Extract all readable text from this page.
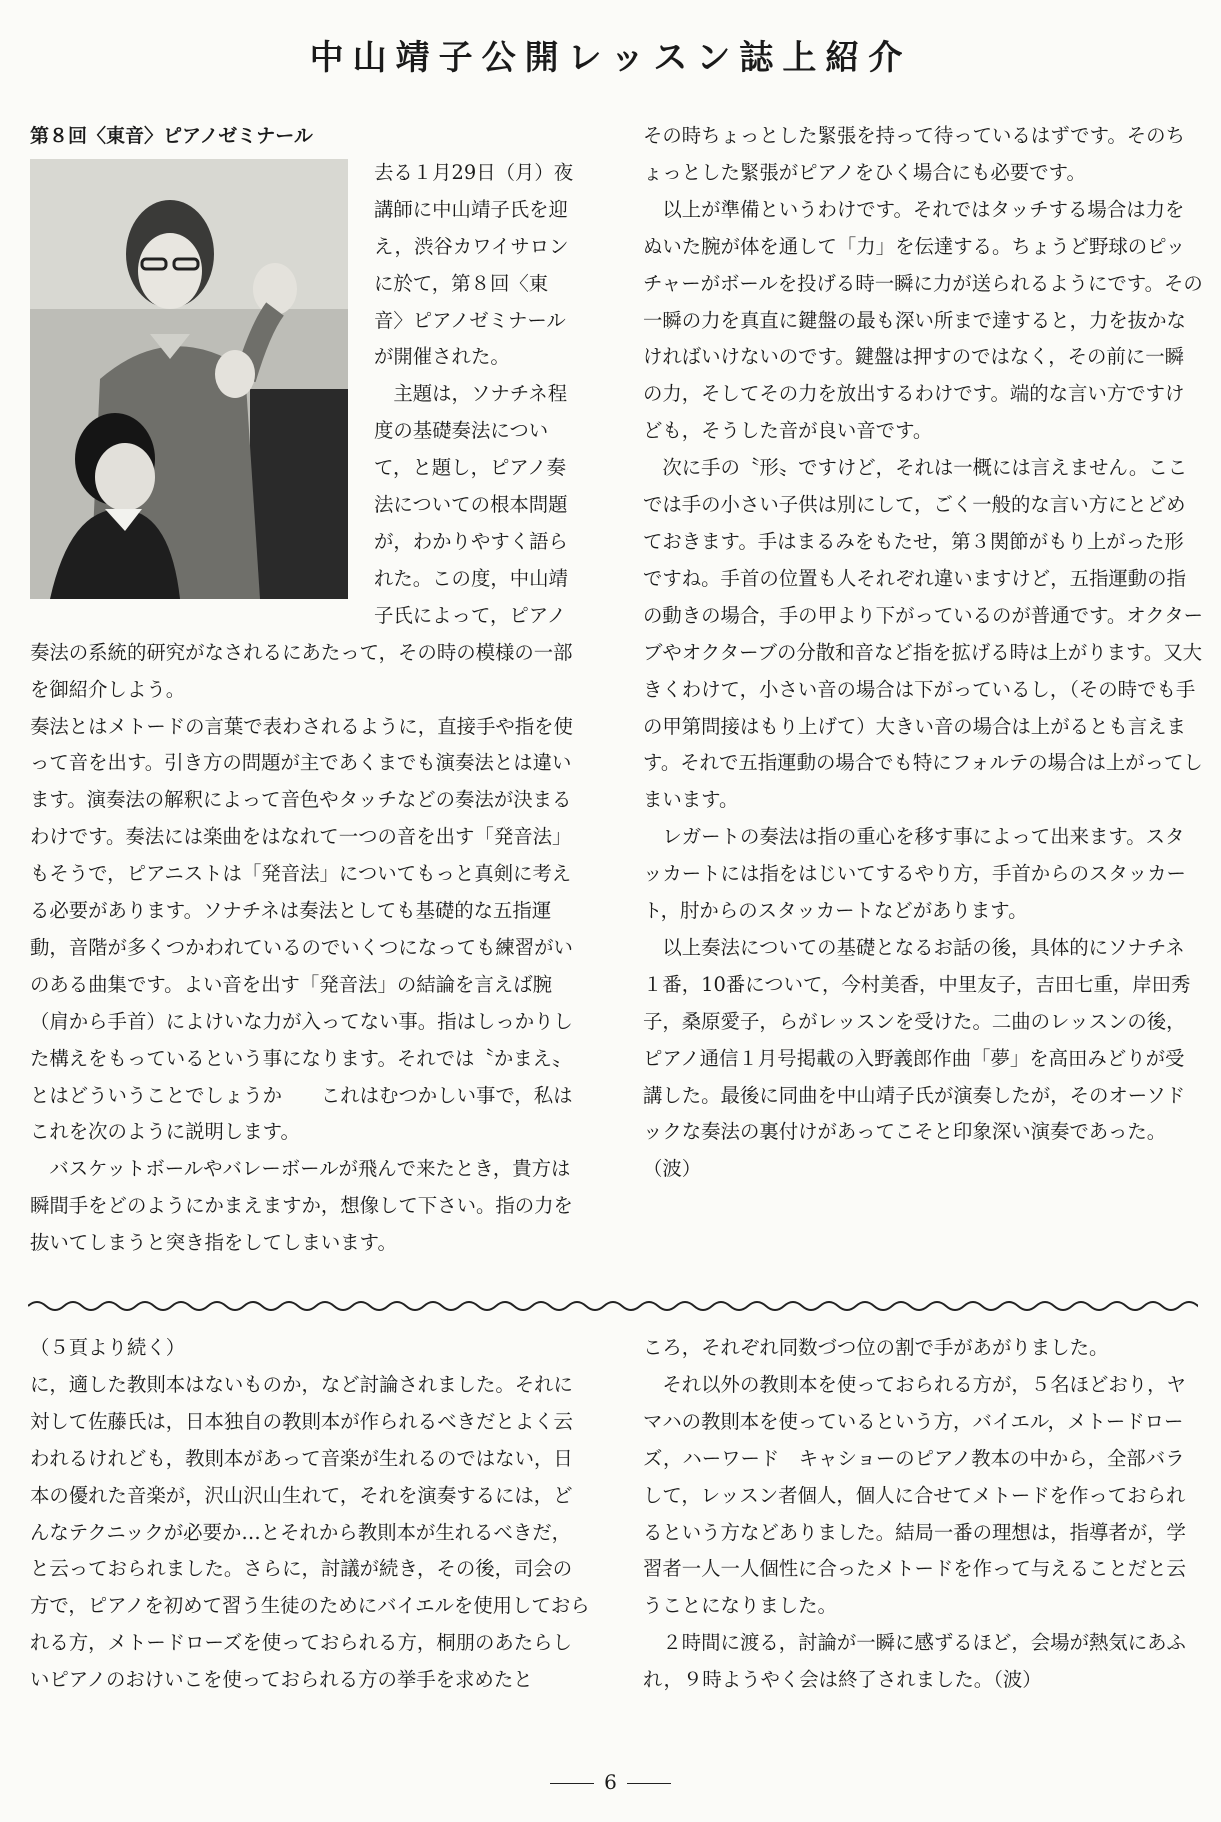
中山靖子公開レッスン誌上紹介
第８回〈東音〉ピアノゼミナール

去る１月29日（月）夜　講師に中山靖子氏を迎え，渋谷カワイサロンに於て，第８回〈東音〉ピアノゼミナールが開催された。

主題は，ソナチネ程度の基礎奏法について，と題し，ピアノ奏法についての根本問題が，わかりやすく語られた。この度，中山靖子氏によって，ピアノ奏法の系統的研究がなされるにあたって，その時の模様の一部を御紹介しよう。

奏法とはメトードの言葉で表わされるように，直接手や指を使って音を出す。引き方の問題が主であくまでも演奏法とは違います。演奏法の解釈によって音色やタッチなどの奏法が決まるわけです。奏法には楽曲をはなれて一つの音を出す「発音法」もそうで，ピアニストは「発音法」についてもっと真剣に考える必要があります。ソナチネは奏法としても基礎的な五指運動，音階が多くつかわれているのでいくつになっても練習がいのある曲集です。よい音を出す「発音法」の結論を言えば腕（肩から手首）によけいな力が入ってない事。指はしっかりした構えをもっているという事になります。それでは〝かまえ〟とはどういうことでしょうか　　これはむつかしい事で，私はこれを次のように説明します。

バスケットボールやバレーボールが飛んで来たとき，貴方は瞬間手をどのようにかまえますか，想像して下さい。指の力を抜いてしまうと突き指をしてしまいます。

その時ちょっとした緊張を持って待っているはずです。そのちょっとした緊張がピアノをひく場合にも必要です。

以上が準備というわけです。それではタッチする場合は力をぬいた腕が体を通して「力」を伝達する。ちょうど野球のピッチャーがボールを投げる時一瞬に力が送られるようにです。その一瞬の力を真直に鍵盤の最も深い所まで達すると，力を抜かなければいけないのです。鍵盤は押すのではなく，その前に一瞬の力，そしてその力を放出するわけです。端的な言い方ですけども，そうした音が良い音です。

次に手の〝形〟ですけど，それは一概には言えません。ここでは手の小さい子供は別にして，ごく一般的な言い方にとどめておきます。手はまるみをもたせ，第３関節がもり上がった形ですね。手首の位置も人それぞれ違いますけど，五指運動の指の動きの場合，手の甲より下がっているのが普通です。オクターブやオクターブの分散和音など指を拡げる時は上がります。又大きくわけて，小さい音の場合は下がっているし，（その時でも手の甲第問接はもり上げて）大きい音の場合は上がるとも言えます。それで五指運動の場合でも特にフォルテの場合は上がってしまいます。

レガートの奏法は指の重心を移す事によって出来ます。スタッカートには指をはじいてするやり方，手首からのスタッカート，肘からのスタッカートなどがあります。

以上奏法についての基礎となるお話の後，具体的にソナチネ１番，10番について，今村美香，中里友子，吉田七重，岸田秀子，桑原愛子，らがレッスンを受けた。二曲のレッスンの後，ピアノ通信１月号掲載の入野義郎作曲「夢」を高田みどりが受講した。最後に同曲を中山靖子氏が演奏したが，そのオーソドックな奏法の裏付けがあってこそと印象深い演奏であった。（波）

（５頁より続く）

に，適した教則本はないものか，など討論されました。それに対して佐藤氏は，日本独自の教則本が作られるべきだとよく云われるけれども，教則本があって音楽が生れるのではない，日本の優れた音楽が，沢山沢山生れて，それを演奏するには，どんなテクニックが必要か…とそれから教則本が生れるべきだ，と云っておられました。さらに，討議が続き，その後，司会の方で，ピアノを初めて習う生徒のためにバイエルを使用しておられる方，メトードローズを使っておられる方，桐朋のあたらしいピアノのおけいこを使っておられる方の挙手を求めたと

ころ，それぞれ同数づつ位の割で手があがりました。

それ以外の教則本を使っておられる方が，５名ほどおり，ヤマハの教則本を使っているという方，バイエル，メトードローズ，ハーワード　キャショーのピアノ教本の中から，全部バラして，レッスン者個人，個人に合せてメトードを作っておられるという方などありました。結局一番の理想は，指導者が，学習者一人一人個性に合ったメトードを作って与えることだと云うことになりました。

２時間に渡る，討論が一瞬に感ずるほど，会場が熱気にあふれ，９時ようやく会は終了されました。（波）

6
